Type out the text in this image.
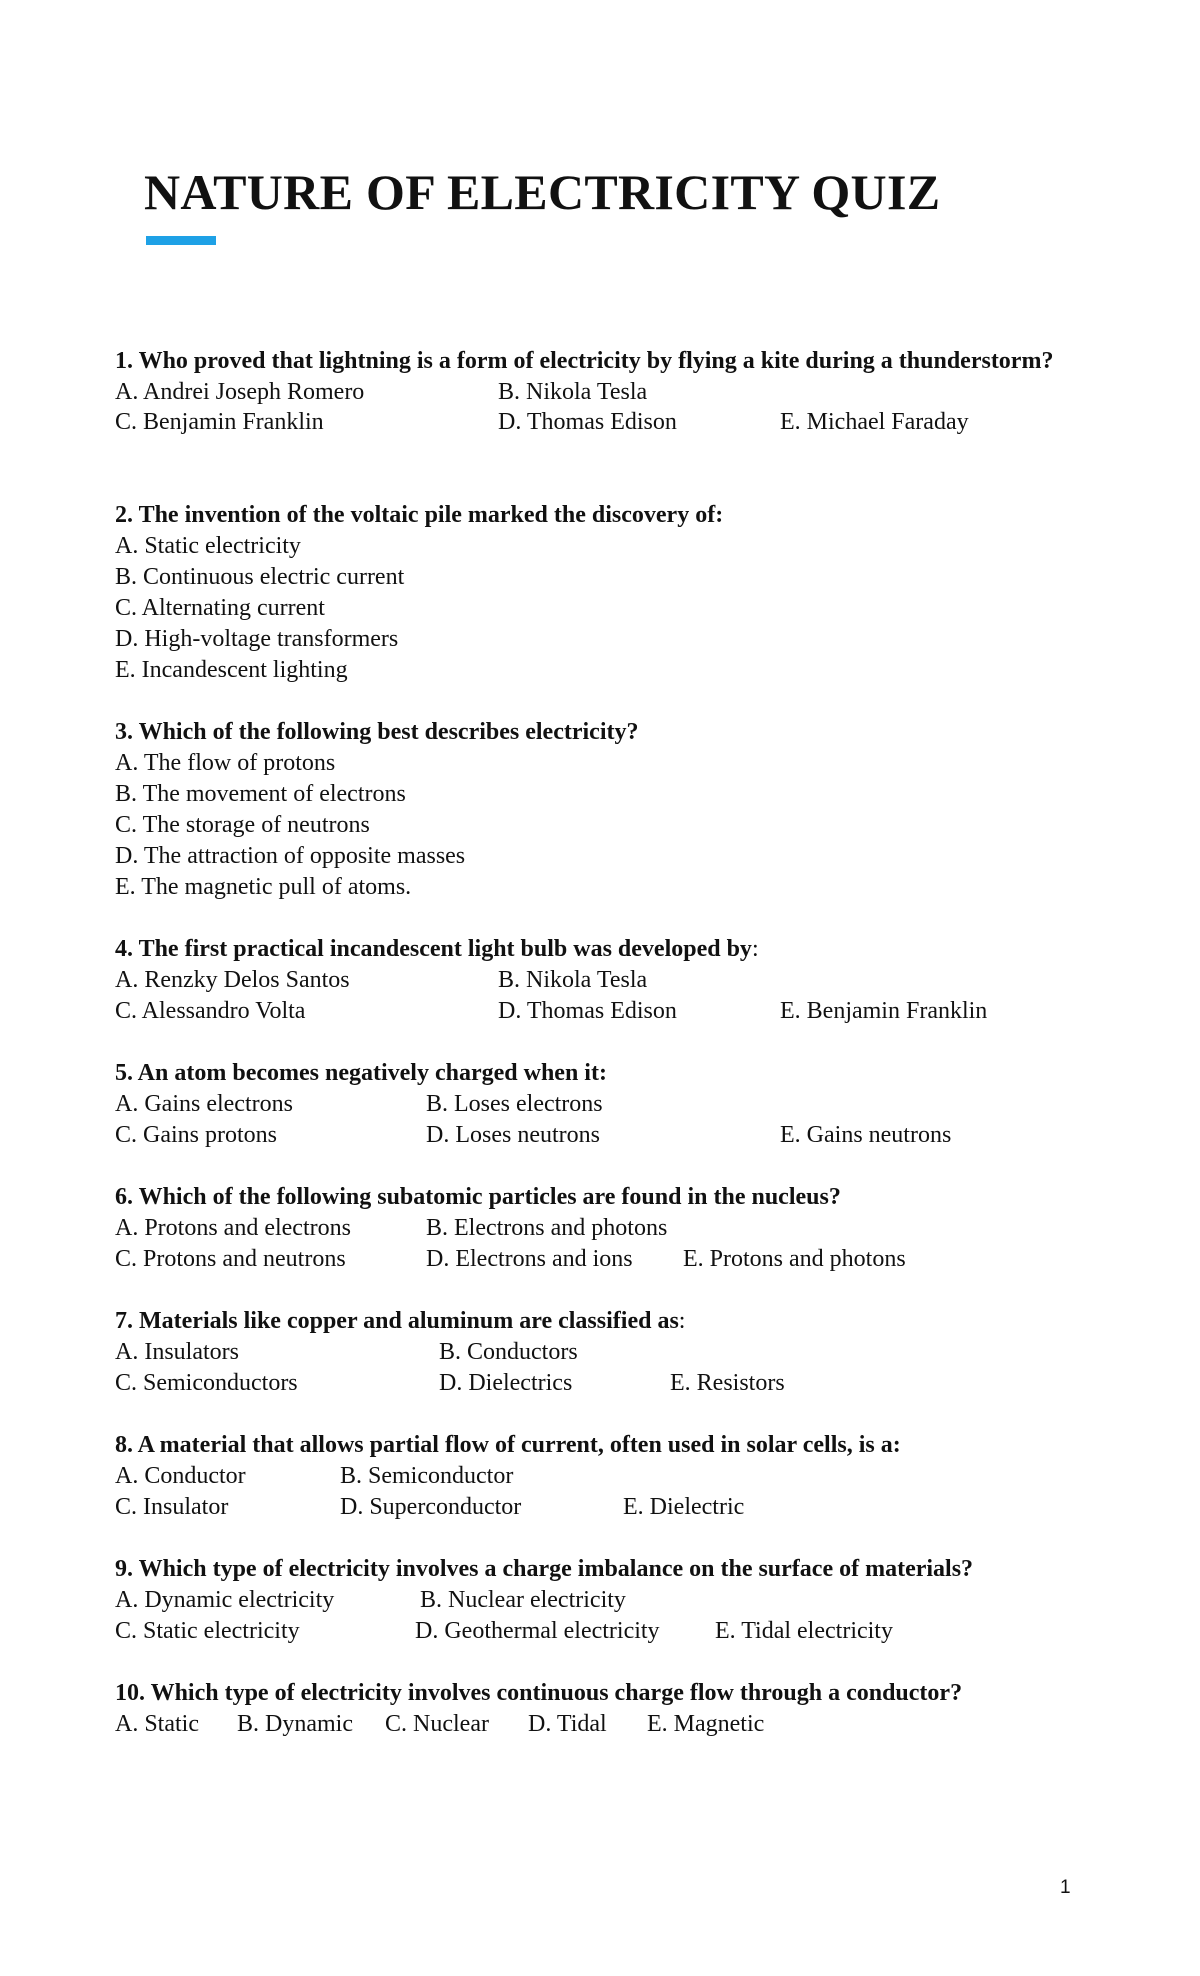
NATURE OF ELECTRICITY QUIZ
1. Who proved that lightning is a form of electricity by flying a kite during a thunderstorm?
A. Andrei Joseph Romero	B. Nikola Tesla
C. Benjamin Franklin	D. Thomas Edison	E. Michael Faraday
2. The invention of the voltaic pile marked the discovery of:
A. Static electricity
B. Continuous electric current
C. Alternating current
D. High-voltage transformers
E. Incandescent lighting
3. Which of the following best describes electricity?
A. The flow of protons
B. The movement of electrons
C. The storage of neutrons
D. The attraction of opposite masses
E. The magnetic pull of atoms.
4. The first practical incandescent light bulb was developed by:
A. Renzky Delos Santos	B. Nikola Tesla
C. Alessandro Volta	D. Thomas Edison	E. Benjamin Franklin
5. An atom becomes negatively charged when it:
A. Gains electrons	B. Loses electrons
C. Gains protons	D. Loses neutrons	E. Gains neutrons
6. Which of the following subatomic particles are found in the nucleus?
A. Protons and electrons	B. Electrons and photons
C. Protons and neutrons	D. Electrons and ions E. Protons and photons
7. Materials like copper and aluminum are classified as:
A. Insulators	B. Conductors
C. Semiconductors	D. Dielectrics	E. Resistors
8. A material that allows partial flow of current, often used in solar cells, is a:
A. Conductor	B. Semiconductor
C. Insulator	D. Superconductor	E. Dielectric
9. Which type of electricity involves a charge imbalance on the surface of materials?
A. Dynamic electricity	B. Nuclear electricity
C. Static electricity	D. Geothermal electricity E. Tidal electricity
10. Which type of electricity involves continuous charge flow through a conductor?
A. Static B. Dynamic C. Nuclear D. Tidal E. Magnetic
1
